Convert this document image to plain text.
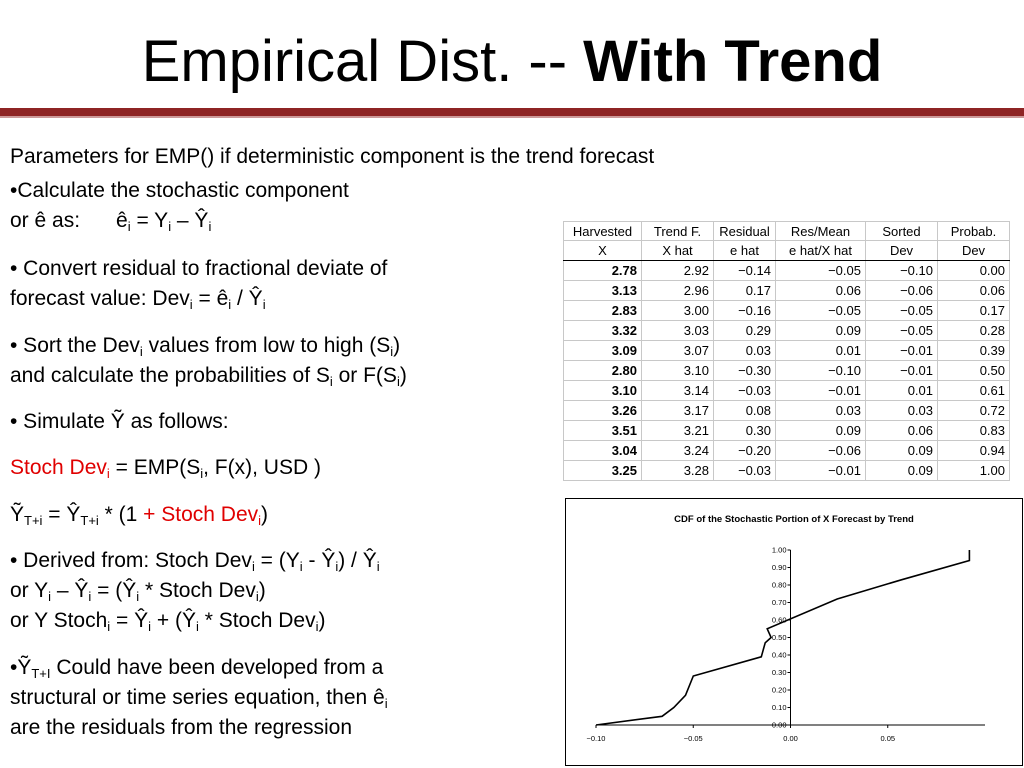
Empirical Dist. -- With Trend
Parameters for EMP() if deterministic component is the trend forecast
•Calculate the stochastic component
or ê as: $ê_i = Y_i$ – $Ŷ_i$
• Convert residual to fractional deviate of
forecast value: $Dev_i = ê_i$ / $Ŷ_i$
• Sort the Dev$_i$ values from low to high $(S_i)$
and calculate the probabilities of $S_i$ or $F(S_i)$
• Simulate Ỹ as follows:
Stoch $Dev_i = EMP(S_i$, F(x), USD )
Ỹ$_{T+i}$ = $Ŷ_{T+i} * (1$ + Stoch Dev$_i$)
• Derived from: Stoch $Dev_i = (Y_i$ - $Ŷ_i$) / $Ŷ_i$
or $Y_i$ – $Ŷ_i$ = ($Ŷ_i$ * Stoch Dev$_i$)
or Y Stoch$_i$ = $Ŷ_i$ + ($Ŷ_i$ * Stoch Dev$_i$)
•Ỹ$_{T+I}$ Could have been developed from a
structural or time series equation, then $ê_i$
are the residuals from the regression
Harvested	Trend F.	Residual	Res/Mean	Sorted	Probab.
X	X hat	e hat	e hat/X hat	Dev	Dev
2.78	2.92	−0.14	−0.05	−0.10	0.00
3.13	2.96	0.17	0.06	−0.06	0.06
2.83	3.00	−0.16	−0.05	−0.05	0.17
3.32	3.03	0.29	0.09	−0.05	0.28
3.09	3.07	0.03	0.01	−0.01	0.39
2.80	3.10	−0.30	−0.10	−0.01	0.50
3.10	3.14	−0.03	−0.01	0.01	0.61
3.26	3.17	0.08	0.03	0.03	0.72
3.51	3.21	0.30	0.09	0.06	0.83
3.04	3.24	−0.20	−0.06	0.09	0.94
3.25	3.28	−0.03	−0.01	0.09	1.00
CDF of the Stochastic Portion of X Forecast by Trend
0.00
0.10
0.20
0.30
0.40
0.50
0.60
0.70
0.80
0.90
1.00
−0.10	−0.05	0.00	0.05
